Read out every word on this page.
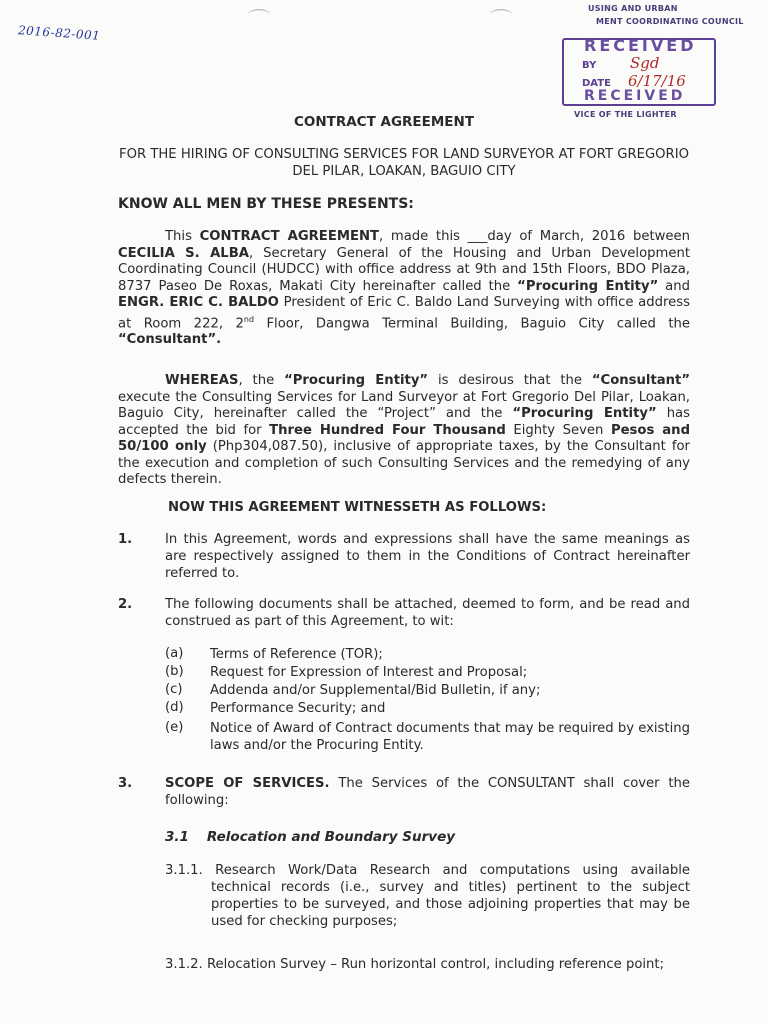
2016-82-001	⌒	⌒
USING AND URBAN
MENT COORDINATING COUNCIL
RECEIVED
BY Sgd
DATE 6/17/16
RECEIVED
VICE OF THE LIGHTER
CONTRACT AGREEMENT
FOR THE HIRING OF CONSULTING SERVICES FOR LAND SURVEYOR AT FORT GREGORIO DEL PILAR, LOAKAN, BAGUIO CITY
KNOW ALL MEN BY THESE PRESENTS:
This CONTRACT AGREEMENT, made this ___day of March, 2016 between CECILIA S. ALBA, Secretary General of the Housing and Urban Development Coordinating Council (HUDCC) with office address at 9th and 15th Floors, BDO Plaza, 8737 Paseo De Roxas, Makati City hereinafter called the “Procuring Entity” and ENGR. ERIC C. BALDO President of Eric C. Baldo Land Surveying with office address at Room 222, 2nd Floor, Dangwa Terminal Building, Baguio City called the “Consultant”.
WHEREAS, the “Procuring Entity” is desirous that the “Consultant” execute the Consulting Services for Land Surveyor at Fort Gregorio Del Pilar, Loakan, Baguio City, hereinafter called the “Project” and the “Procuring Entity” has accepted the bid for Three Hundred Four Thousand Eighty Seven Pesos and 50/100 only (Php304,087.50), inclusive of appropriate taxes, by the Consultant for the execution and completion of such Consulting Services and the remedying of any defects therein.
NOW THIS AGREEMENT WITNESSETH AS FOLLOWS:
1. In this Agreement, words and expressions shall have the same meanings as are respectively assigned to them in the Conditions of Contract hereinafter referred to.
2. The following documents shall be attached, deemed to form, and be read and construed as part of this Agreement, to wit:
(a) Terms of Reference (TOR);
(b) Request for Expression of Interest and Proposal;
(c) Addenda and/or Supplemental/Bid Bulletin, if any;
(d) Performance Security; and
(e) Notice of Award of Contract documents that may be required by existing laws and/or the Procuring Entity.
3. SCOPE OF SERVICES. The Services of the CONSULTANT shall cover the following:
3.1 Relocation and Boundary Survey
3.1.1. Research Work/Data Research and computations using available technical records (i.e., survey and titles) pertinent to the subject properties to be surveyed, and those adjoining properties that may be used for checking purposes;
3.1.2. Relocation Survey – Run horizontal control, including reference point;
